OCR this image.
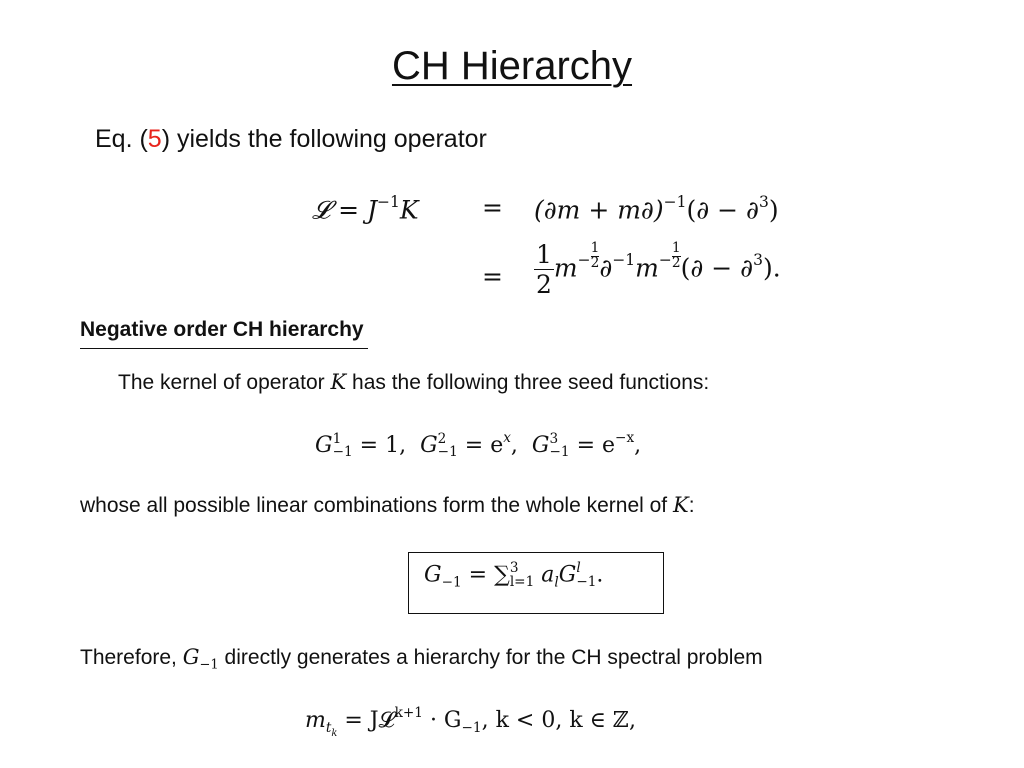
CH Hierarchy
Eq. (5) yields the following operator
𝓛 = $J^{-1}K$	= $(\partial m + m\partial)^{-1}(\partial - \partial^3)$
= $\frac{1}{2} m^- \frac{1}{2} \partial^{-1}m^- \frac{1}{2}$ (∂ − ∂$^3$).
Negative order CH hierarchy
The kernel of operator K has the following three seed functions:
G 1
−1 = 1, G 2
$-1 = e^x$, G 3
$-1 = e^{-x}$,
whose all possible linear combinations form the whole kernel of K:
$G_{-1}$ = ∑ 3
l=1 $a_lG$ l
−1 .
Therefore, $G_{-1}$ directly generates a hierarchy for the CH spectral problem
$m_{tk}$ = J𝓛$^{k+1}$ · $G_{-1}$, k < 0, k ∈ ℤ,
